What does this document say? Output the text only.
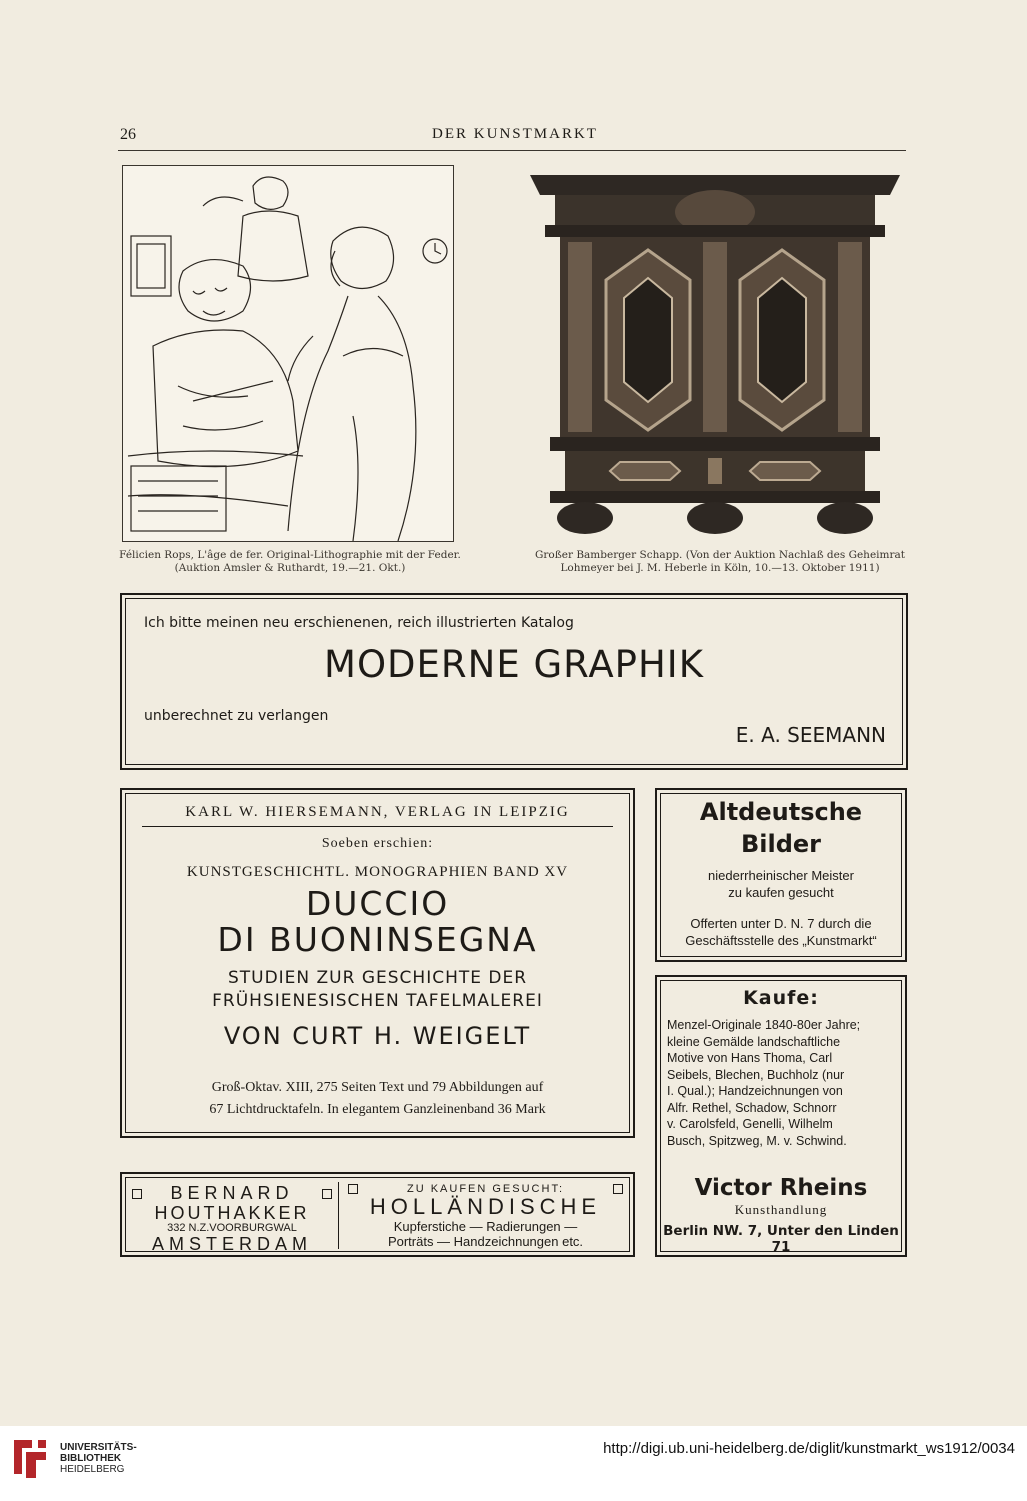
26	DER KUNSTMARKT
Félicien Rops, L'âge de fer. Original-Lithographie mit der Feder.
(Auktion Amsler & Ruthardt, 19.—21. Okt.)
Großer Bamberger Schapp. (Von der Auktion Nachlaß des Geheimrat
Lohmeyer bei J. M. Heberle in Köln, 10.—13. Oktober 1911)
Ich bitte meinen neu erschienenen, reich illustrierten Katalog
MODERNE GRAPHIK
unberechnet zu verlangen
E. A. SEEMANN
KARL W. HIERSEMANN, VERLAG IN LEIPZIG
Soeben erschien:
KUNSTGESCHICHTL. MONOGRAPHIEN BAND XV
DUCCIO
DI BUONINSEGNA
STUDIEN ZUR GESCHICHTE DER
FRÜHSIENESISCHEN TAFELMALEREI
VON CURT H. WEIGELT
Groß-Oktav. XIII, 275 Seiten Text und 79 Abbildungen auf
67 Lichtdrucktafeln. In elegantem Ganzleinenband 36 Mark
Altdeutsche
Bilder
niederrheinischer Meister
zu kaufen gesucht
Offerten unter D. N. 7 durch die
Geschäftsstelle des „Kunstmarkt“
Kaufe:
Menzel-Originale 1840-80er Jahre;
kleine Gemälde landschaftliche
Motive von Hans Thoma, Carl
Seibels, Blechen, Buchholz (nur
I. Qual.); Handzeichnungen von
Alfr. Rethel, Schadow, Schnorr
v. Carolsfeld, Genelli, Wilhelm
Busch, Spitzweg, M. v. Schwind.
Victor Rheins
Kunsthandlung
Berlin NW. 7, Unter den Linden 71
BERNARD
HOUTHAKKER
332 N.Z.VOORBURGWAL
AMSTERDAM
ZU KAUFEN GESUCHT:
HOLLÄNDISCHE
Kupferstiche — Radierungen —
Porträts — Handzeichnungen etc.
UNIVERSITÄTS-
BIBLIOTHEK
HEIDELBERG
http://digi.ub.uni-heidelberg.de/diglit/kunstmarkt_ws1912/0034
